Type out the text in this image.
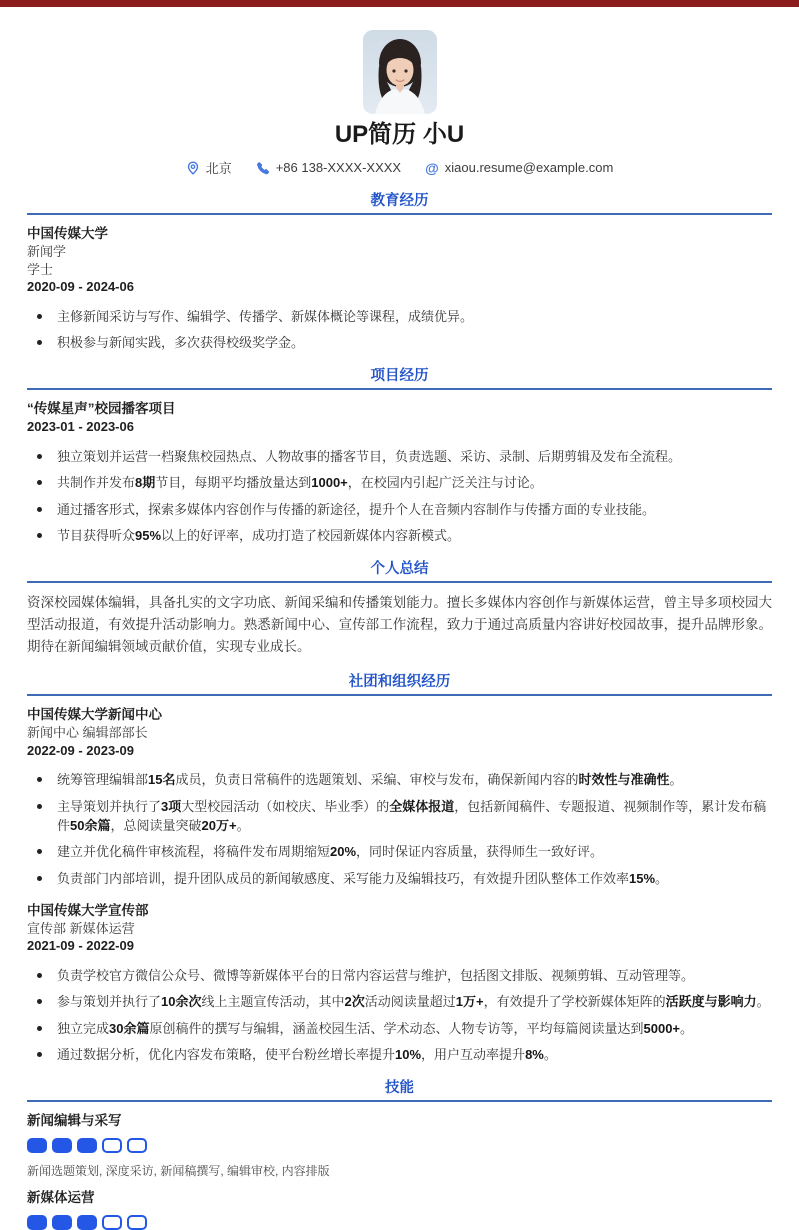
UP简历 小U
北京	+86 138-XXXX-XXXX @ xiaou.resume@example.com
教育经历
中国传媒大学
新闻学
学士
2020-09 - 2024-06
主修新闻采访与写作、编辑学、传播学、新媒体概论等课程，成绩优异。
积极参与新闻实践，多次获得校级奖学金。
项目经历
“传媒星声”校园播客项目
2023-01 - 2023-06
独立策划并运营一档聚焦校园热点、人物故事的播客节目，负责选题、采访、录制、后期剪辑及发布全流程。
共制作并发布8期节目，每期平均播放量达到1000+，在校园内引起广泛关注与讨论。
通过播客形式，探索多媒体内容创作与传播的新途径，提升个人在音频内容制作与传播方面的专业技能。
节目获得听众95%以上的好评率，成功打造了校园新媒体内容新模式。
个人总结

资深校园媒体编辑，具备扎实的文字功底、新闻采编和传播策划能力。擅长多媒体内容创作与新媒体运营，曾主导多项校园大型活动报道，有效提升活动影响力。熟悉新闻中心、宣传部工作流程，致力于通过高质量内容讲好校园故事，提升品牌形象。期待在新闻编辑领域贡献价值，实现专业成长。

社团和组织经历
中国传媒大学新闻中心
新闻中心 编辑部部长
2022-09 - 2023-09
统筹管理编辑部15名成员，负责日常稿件的选题策划、采编、审校与发布，确保新闻内容的时效性与准确性。
主导策划并执行了3项大型校园活动（如校庆、毕业季）的全媒体报道，包括新闻稿件、专题报道、视频制作等，累计发布稿件50余篇，总阅读量突破20万+。
建立并优化稿件审核流程，将稿件发布周期缩短20%，同时保证内容质量，获得师生一致好评。
负责部门内部培训，提升团队成员的新闻敏感度、采写能力及编辑技巧，有效提升团队整体工作效率15%。
中国传媒大学宣传部
宣传部 新媒体运营
2021-09 - 2022-09
负责学校官方微信公众号、微博等新媒体平台的日常内容运营与维护，包括图文排版、视频剪辑、互动管理等。
参与策划并执行了10余次线上主题宣传活动，其中2次活动阅读量超过1万+，有效提升了学校新媒体矩阵的活跃度与影响力。
独立完成30余篇原创稿件的撰写与编辑，涵盖校园生活、学术动态、人物专访等，平均每篇阅读量达到5000+。
通过数据分析，优化内容发布策略，使平台粉丝增长率提升10%，用户互动率提升8%。
技能
新闻编辑与采写
新闻选题策划, 深度采访, 新闻稿撰写, 编辑审校, 内容排版
新媒体运营
